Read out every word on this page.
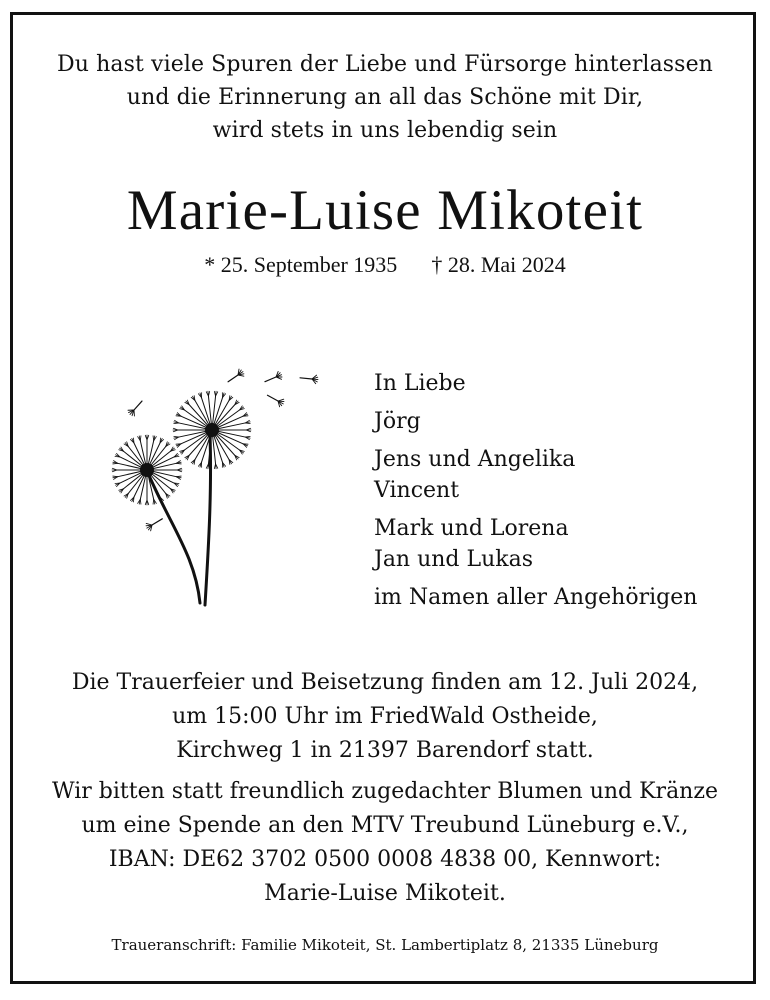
Du hast viele Spuren der Liebe und Fürsorge hinterlassen
und die Erinnerung an all das Schöne mit Dir,
wird stets in uns lebendig sein
Marie-Luise Mikoteit
* 25. September 1935 † 28. Mai 2024
In Liebe
Jörg
Jens und Angelika
Vincent
Mark und Lorena
Jan und Lukas
im Namen aller Angehörigen
Die Trauerfeier und Beisetzung finden am 12. Juli 2024,
um 15:00 Uhr im FriedWald Ostheide,
Kirchweg 1 in 21397 Barendorf statt.
Wir bitten statt freundlich zugedachter Blumen und Kränze
um eine Spende an den MTV Treubund Lüneburg e.V.,
IBAN: DE62 3702 0500 0008 4838 00, Kennwort:
Marie-Luise Mikoteit.
Traueranschrift: Familie Mikoteit, St. Lambertiplatz 8, 21335 Lüneburg
